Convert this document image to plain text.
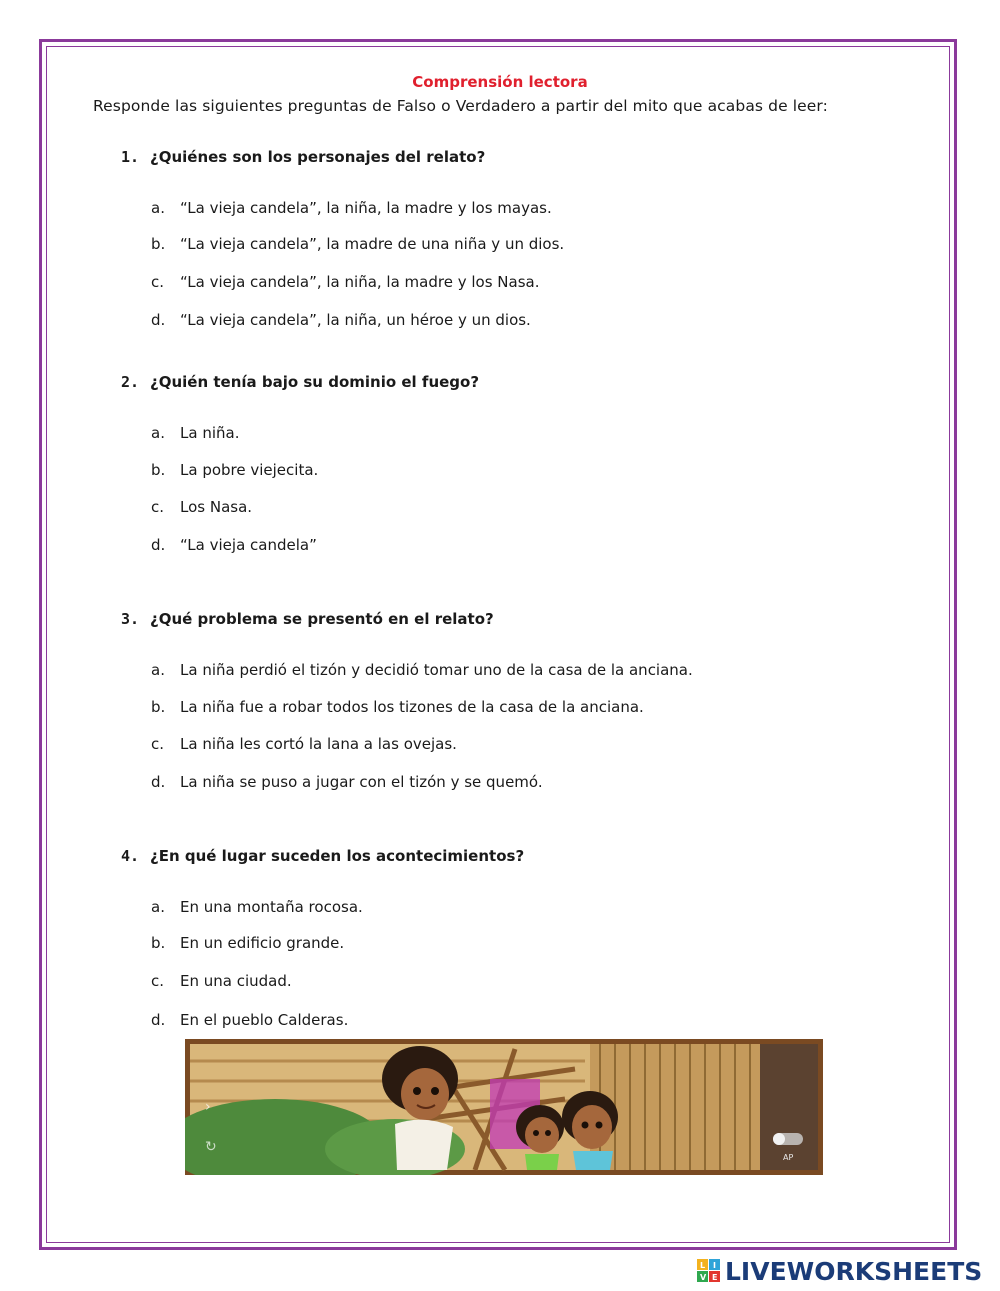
Comprensión lectora
Responde las siguientes preguntas de Falso o Verdadero a partir del mito que acabas de leer:
1. ¿Quiénes son los personajes del relato?
a. “La vieja candela”, la niña, la madre y los mayas.
b. “La vieja candela”, la madre de una niña y un dios.
c. “La vieja candela”, la niña, la madre y los Nasa.
d. “La vieja candela”, la niña, un héroe y un dios.
2. ¿Quién tenía bajo su dominio el fuego?
a. La niña.
b. La pobre viejecita.
c. Los Nasa.
d. “La vieja candela”
3. ¿Qué problema se presentó en el relato?
a. La niña perdió el tizón y decidió tomar uno de la casa de la anciana.
b. La niña fue a robar todos los tizones de la casa de la anciana.
c. La niña les cortó la lana a las ovejas.
d. La niña se puso a jugar con el tizón y se quemó.
4. ¿En qué lugar suceden los acontecimientos?
a. En una montaña rocosa.
b. En un edificio grande.
c. En una ciudad.
d. En el pueblo Calderas.
›
↻
AP
L I
V E LIVEWORKSHEETS
